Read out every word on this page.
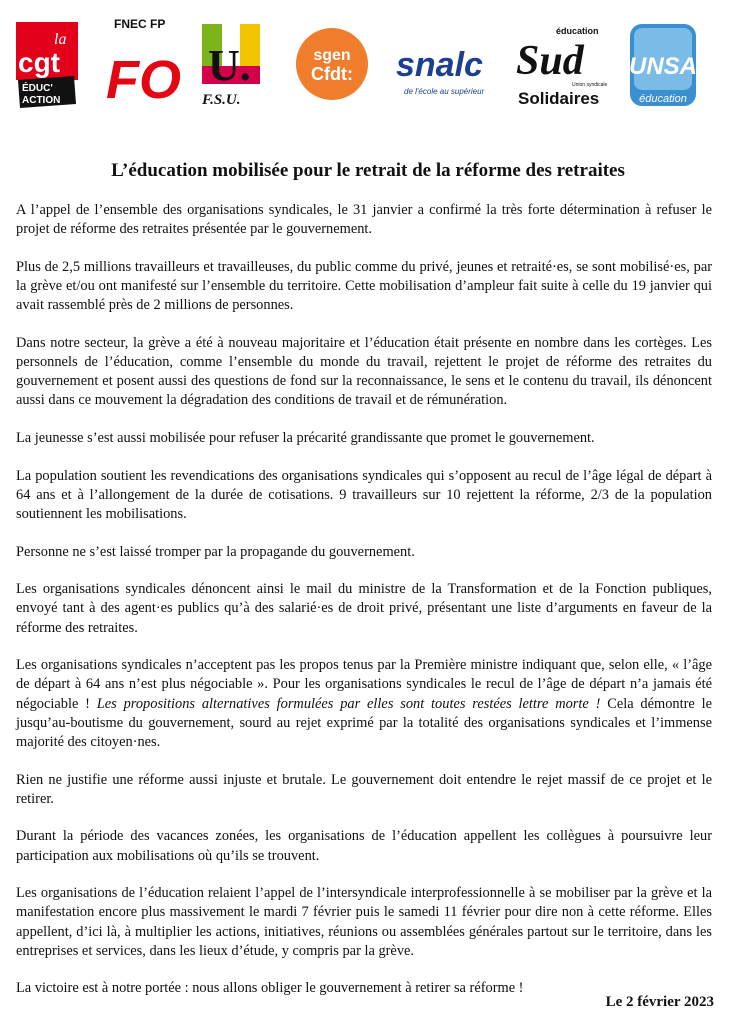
la
cgt
ÉDUC'
ACTION
FNEC FP
FO U.
F.S.U.
sgen
Cfdt: snalc
de l'école au supérieur
éducation
Sud
Union syndicale
Solidaires
UNSA
éducation
L’éducation mobilisée pour le retrait de la réforme des retraites

A l’appel de l’ensemble des organisations syndicales, le 31 janvier a confirmé la très forte détermination à refuser le projet de réforme des retraites présentée par le gouvernement.

Plus de 2,5 millions travailleurs et travailleuses, du public comme du privé, jeunes et retraité·es, se sont mobilisé·es, par la grève et/ou ont manifesté sur l’ensemble du territoire. Cette mobilisation d’ampleur fait suite à celle du 19 janvier qui avait rassemblé près de 2 millions de personnes.

Dans notre secteur, la grève a été à nouveau majoritaire et l’éducation était présente en nombre dans les cortèges. Les personnels de l’éducation, comme l’ensemble du monde du travail, rejettent le projet de réforme des retraites du gouvernement et posent aussi des questions de fond sur la reconnaissance, le sens et le contenu du travail, ils dénoncent aussi dans ce mouvement la dégradation des conditions de travail et de rémunération.

La jeunesse s’est aussi mobilisée pour refuser la précarité grandissante que promet le gouvernement.

La population soutient les revendications des organisations syndicales qui s’opposent au recul de l’âge légal de départ à 64 ans et à l’allongement de la durée de cotisations. 9 travailleurs sur 10 rejettent la réforme, 2/3 de la population soutiennent les mobilisations.

Personne ne s’est laissé tromper par la propagande du gouvernement.

Les organisations syndicales dénoncent ainsi le mail du ministre de la Transformation et de la Fonction publiques, envoyé tant à des agent·es publics qu’à des salarié·es de droit privé, présentant une liste d’arguments en faveur de la réforme des retraites.

Les organisations syndicales n’acceptent pas les propos tenus par la Première ministre indiquant que, selon elle, « l’âge de départ à 64 ans n’est plus négociable ». Pour les organisations syndicales le recul de l’âge de départ n’a jamais été négociable ! Les propositions alternatives formulées par elles sont toutes restées lettre morte ! Cela démontre le jusqu’au-boutisme du gouvernement, sourd au rejet exprimé par la totalité des organisations syndicales et l’immense majorité des citoyen·nes.

Rien ne justifie une réforme aussi injuste et brutale. Le gouvernement doit entendre le rejet massif de ce projet et le retirer.

Durant la période des vacances zonées, les organisations de l’éducation appellent les collègues à poursuivre leur participation aux mobilisations où qu’ils se trouvent.

Les organisations de l’éducation relaient l’appel de l’intersyndicale interprofessionnelle à se mobiliser par la grève et la manifestation encore plus massivement le mardi 7 février puis le samedi 11 février pour dire non à cette réforme. Elles appellent, d’ici là, à multiplier les actions, initiatives, réunions ou assemblées générales partout sur le territoire, dans les entreprises et services, dans les lieux d’étude, y compris par la grève.

La victoire est à notre portée : nous allons obliger le gouvernement à retirer sa réforme !

Le 2 février 2023
